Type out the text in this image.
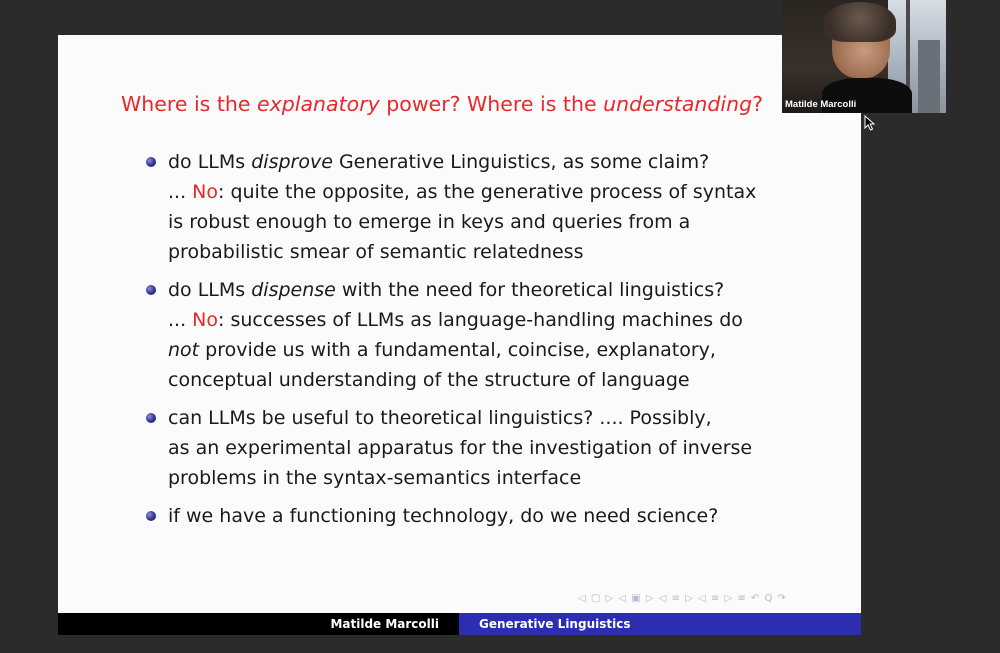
Where is the explanatory power? Where is the understanding?
do LLMs disprove Generative Linguistics, as some claim?
... No: quite the opposite, as the generative process of syntax
is robust enough to emerge in keys and queries from a
probabilistic smear of semantic relatedness
do LLMs dispense with the need for theoretical linguistics?
... No: successes of LLMs as language-handling machines do
not provide us with a fundamental, coincise, explanatory,
conceptual understanding of the structure of language
can LLMs be useful to theoretical linguistics? .... Possibly,
as an experimental apparatus for the investigation of inverse
problems in the syntax-semantics interface
if we have a functioning technology, do we need science?
◁ ▢ ▷ ◁ ▣ ▷ ◁ ≡ ▷ ◁ ≡ ▷ ≡ ↶ Q ↷
Matilde Marcolli	Generative Linguistics
Matilde Marcolli
